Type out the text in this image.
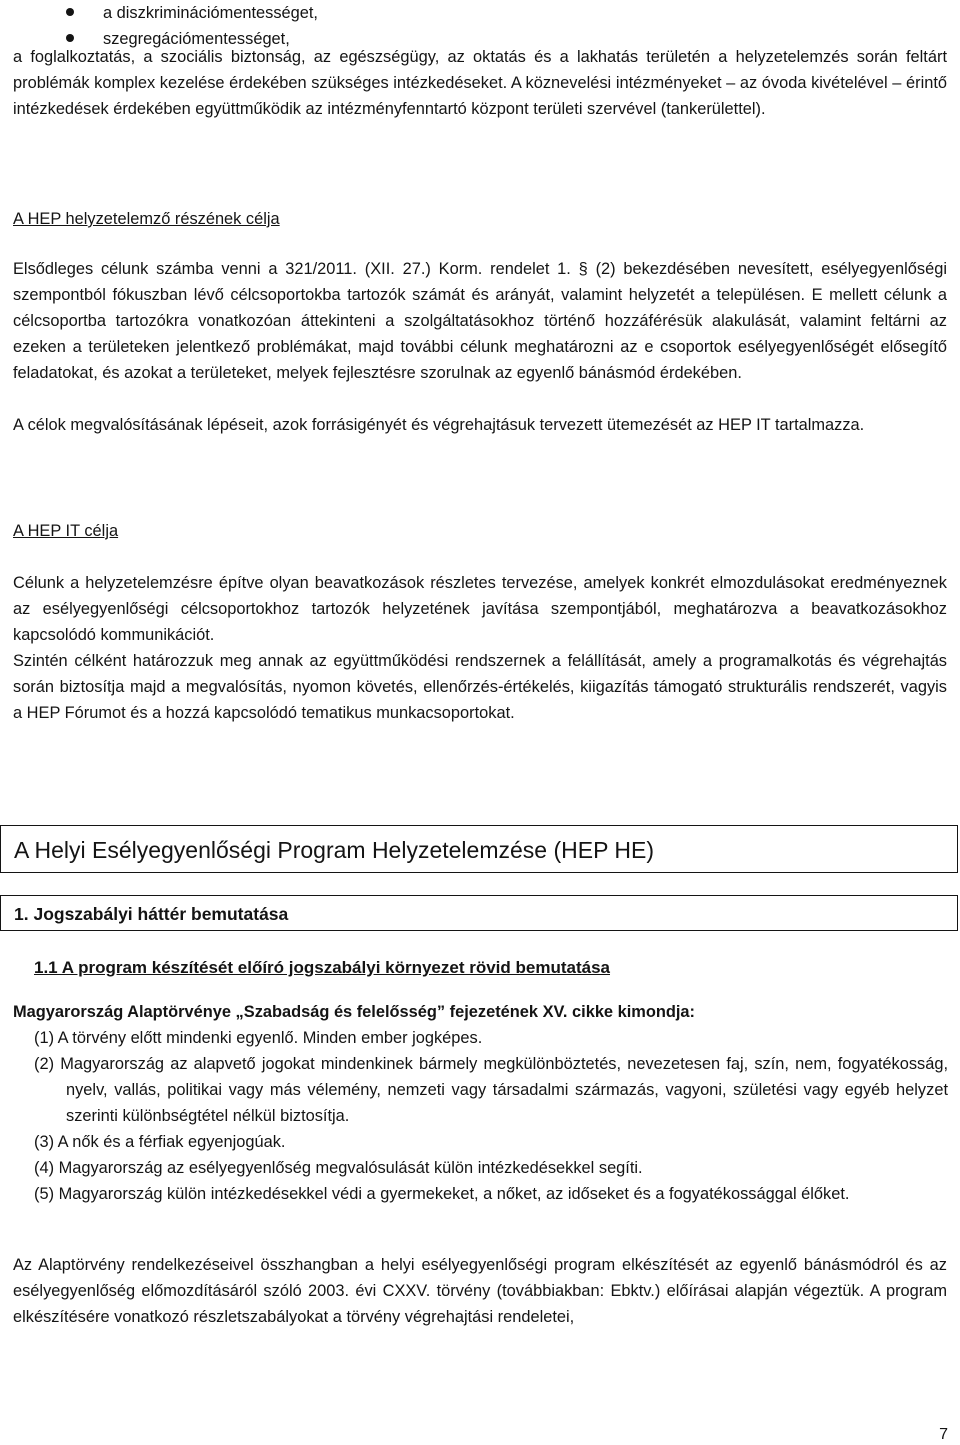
a diszkriminációmentességet,
szegregációmentességet,

a foglalkoztatás, a szociális biztonság, az egészségügy, az oktatás és a lakhatás területén a helyzetelemzés során feltárt problémák komplex kezelése érdekében szükséges intézkedéseket. A köznevelési intézményeket – az óvoda kivételével – érintő intézkedések érdekében együttműködik az intézményfenntartó központ területi szervével (tankerülettel).

A HEP helyzetelemző részének célja

Elsődleges célunk számba venni a 321/2011. (XII. 27.) Korm. rendelet 1. § (2) bekezdésében nevesített, esélyegyenlőségi szempontból fókuszban lévő célcsoportokba tartozók számát és arányát, valamint helyzetét a településen. E mellett célunk a célcsoportba tartozókra vonatkozóan áttekinteni a szolgáltatásokhoz történő hozzáférésük alakulását, valamint feltárni az ezeken a területeken jelentkező problémákat, majd további célunk meghatározni az e csoportok esélyegyenlőségét elősegítő feladatokat, és azokat a területeket, melyek fejlesztésre szorulnak az egyenlő bánásmód érdekében.

A célok megvalósításának lépéseit, azok forrásigényét és végrehajtásuk tervezett ütemezését az HEP IT tartalmazza.

A HEP IT célja

Célunk a helyzetelemzésre építve olyan beavatkozások részletes tervezése, amelyek konkrét elmozdulásokat eredményeznek az esélyegyenlőségi célcsoportokhoz tartozók helyzetének javítása szempontjából, meghatározva a beavatkozásokhoz kapcsolódó kommunikációt.

Szintén célként határozzuk meg annak az együttműködési rendszernek a felállítását, amely a programalkotás és végrehajtás során biztosítja majd a megvalósítás, nyomon követés, ellenőrzés-értékelés, kiigazítás támogató strukturális rendszerét, vagyis a HEP Fórumot és a hozzá kapcsolódó tematikus munkacsoportokat.

A Helyi Esélyegyenlőségi Program Helyzetelemzése (HEP HE)
1. Jogszabályi háttér bemutatása

1.1 A program készítését előíró jogszabályi környezet rövid bemutatása

Magyarország Alaptörvénye „Szabadság és felelősség” fejezetének XV. cikke kimondja:

(1) A törvény előtt mindenki egyenlő. Minden ember jogképes.
(2) Magyarország az alapvető jogokat mindenkinek bármely megkülönböztetés, nevezetesen faj, szín, nem, fogyatékosság, nyelv, vallás, politikai vagy más vélemény, nemzeti vagy társadalmi származás, vagyoni, születési vagy egyéb helyzet szerinti különbségtétel nélkül biztosítja.
(3) A nők és a férfiak egyenjogúak.
(4) Magyarország az esélyegyenlőség megvalósulását külön intézkedésekkel segíti.
(5) Magyarország külön intézkedésekkel védi a gyermekeket, a nőket, az időseket és a fogyatékossággal élőket.

Az Alaptörvény rendelkezéseivel összhangban a helyi esélyegyenlőségi program elkészítését az egyenlő bánásmódról és az esélyegyenlőség előmozdításáról szóló 2003. évi CXXV. törvény (továbbiakban: Ebktv.) előírásai alapján végeztük. A program elkészítésére vonatkozó részletszabályokat a törvény végrehajtási rendeletei,

7
